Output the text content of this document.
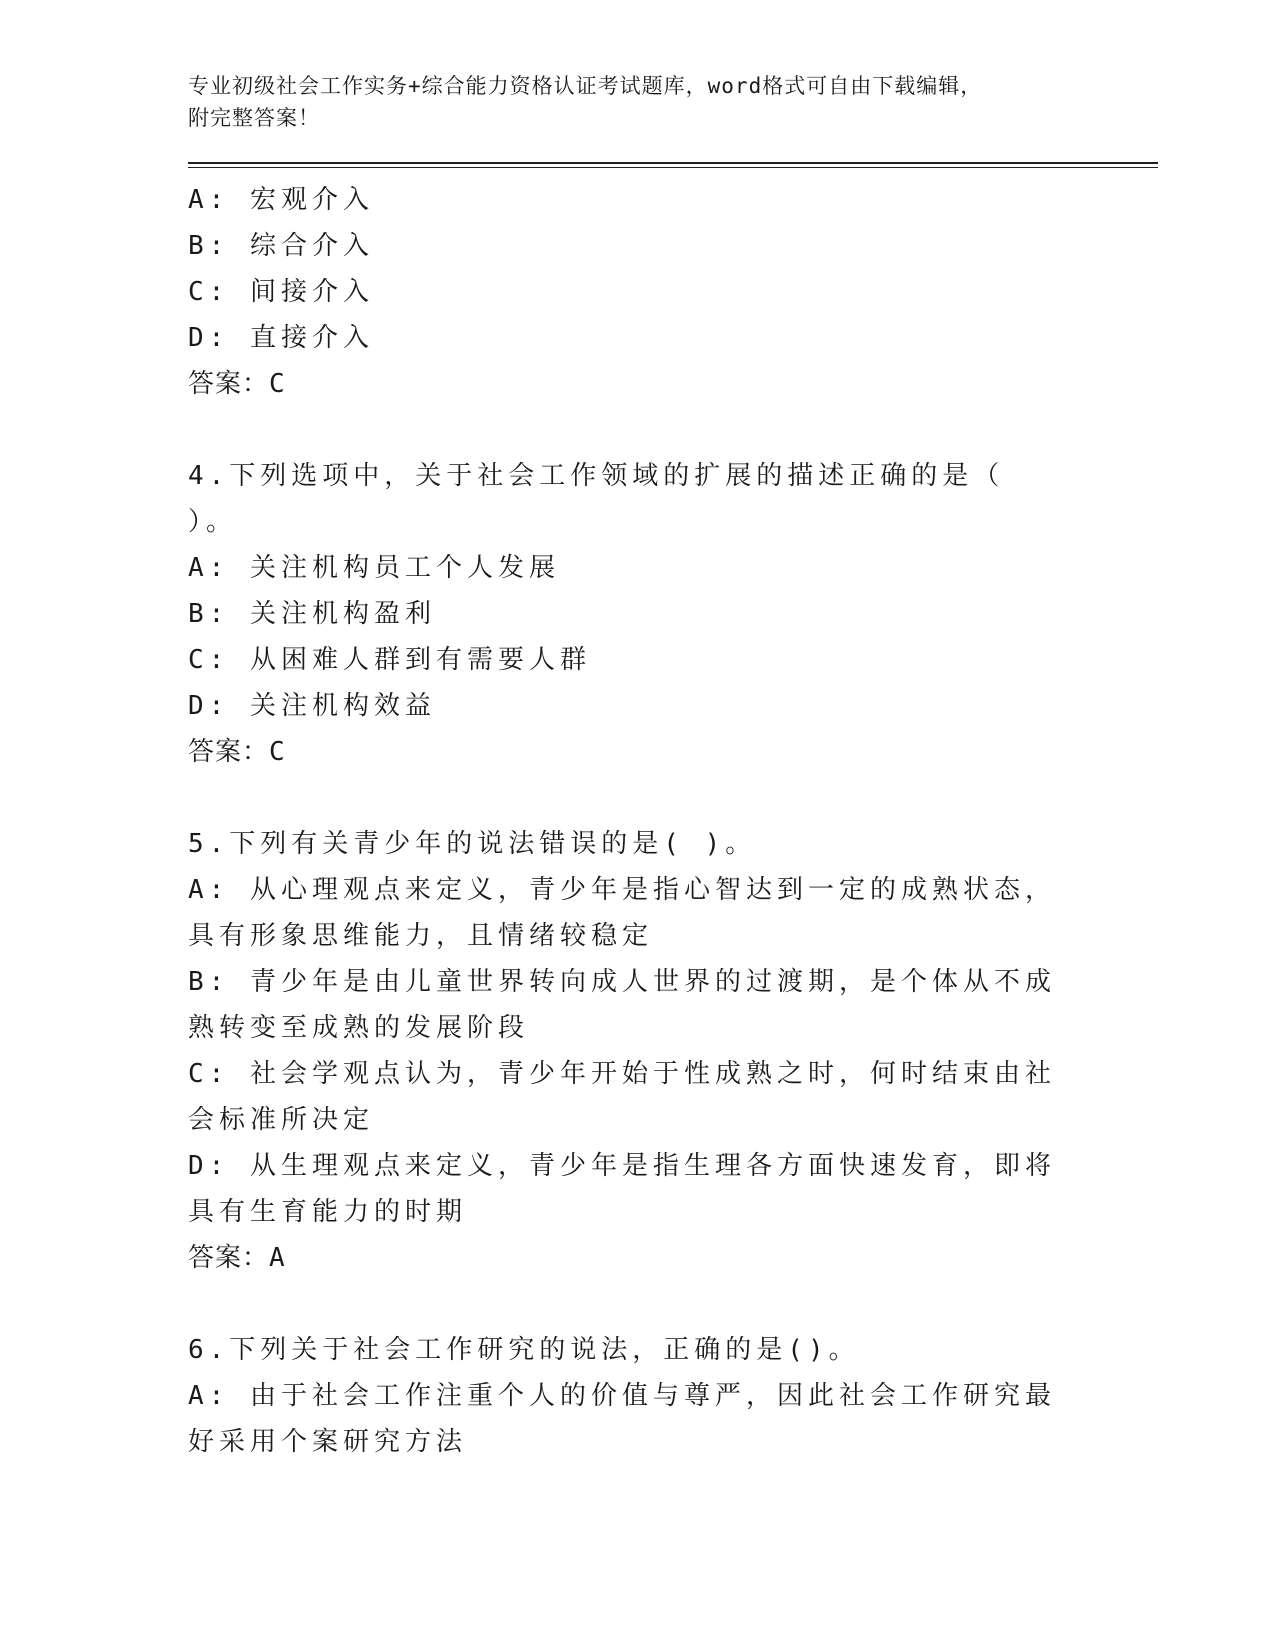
专业初级社会工作实务+综合能力资格认证考试题库，word格式可自由下载编辑，

附完整答案！

A: 宏观介入

B: 综合介入

C: 间接介入

D: 直接介入

答案：C

4.下列选项中，关于社会工作领域的扩展的描述正确的是（ ）。

A: 关注机构员工个人发展

B: 关注机构盈利

C: 从困难人群到有需要人群

D: 关注机构效益

答案：C

5.下列有关青少年的说法错误的是( )。

A: 从心理观点来定义，青少年是指心智达到一定的成熟状态，具有形象思维能力，且情绪较稳定

B: 青少年是由儿童世界转向成人世界的过渡期，是个体从不成熟转变至成熟的发展阶段

C: 社会学观点认为，青少年开始于性成熟之时，何时结束由社会标准所决定

D: 从生理观点来定义，青少年是指生理各方面快速发育，即将具有生育能力的时期

答案：A

6.下列关于社会工作研究的说法，正确的是()。

A: 由于社会工作注重个人的价值与尊严，因此社会工作研究最好采用个案研究方法
